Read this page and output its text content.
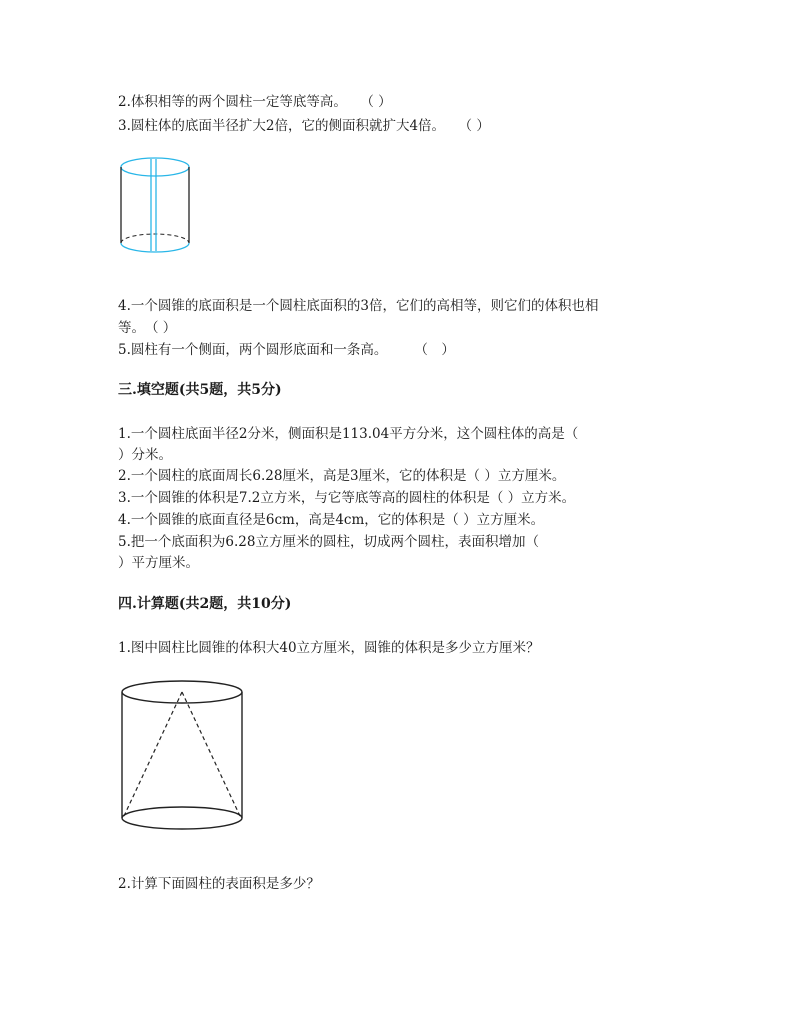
2.体积相等的两个圆柱一定等底等高。　　（ ）
3.圆柱体的底面半径扩大2倍，它的侧面积就扩大4倍。　　（ ）
4.一个圆锥的底面积是一个圆柱底面积的3倍，它们的高相等，则它们的体积也相
等。　（ ）
5.圆柱有一个侧面，两个圆形底面和一条高。　　　（　）
三.填空题(共5题，共5分)
1.一个圆柱底面半径2分米，侧面积是113.04平方分米，这个圆柱体的高是（
）分米。
2.一个圆柱的底面周长6.28厘米，高是3厘米，它的体积是（ ）立方厘米。
3.一个圆锥的体积是7.2立方米，与它等底等高的圆柱的体积是（ ）立方米。
4.一个圆锥的底面直径是6cm，高是4cm，它的体积是（ ）立方厘米。
5.把一个底面积为6.28立方厘米的圆柱，切成两个圆柱，表面积增加（
）平方厘米。
四.计算题(共2题，共10分)
1.图中圆柱比圆锥的体积大40立方厘米，圆锥的体积是多少立方厘米？
2.计算下面圆柱的表面积是多少？
